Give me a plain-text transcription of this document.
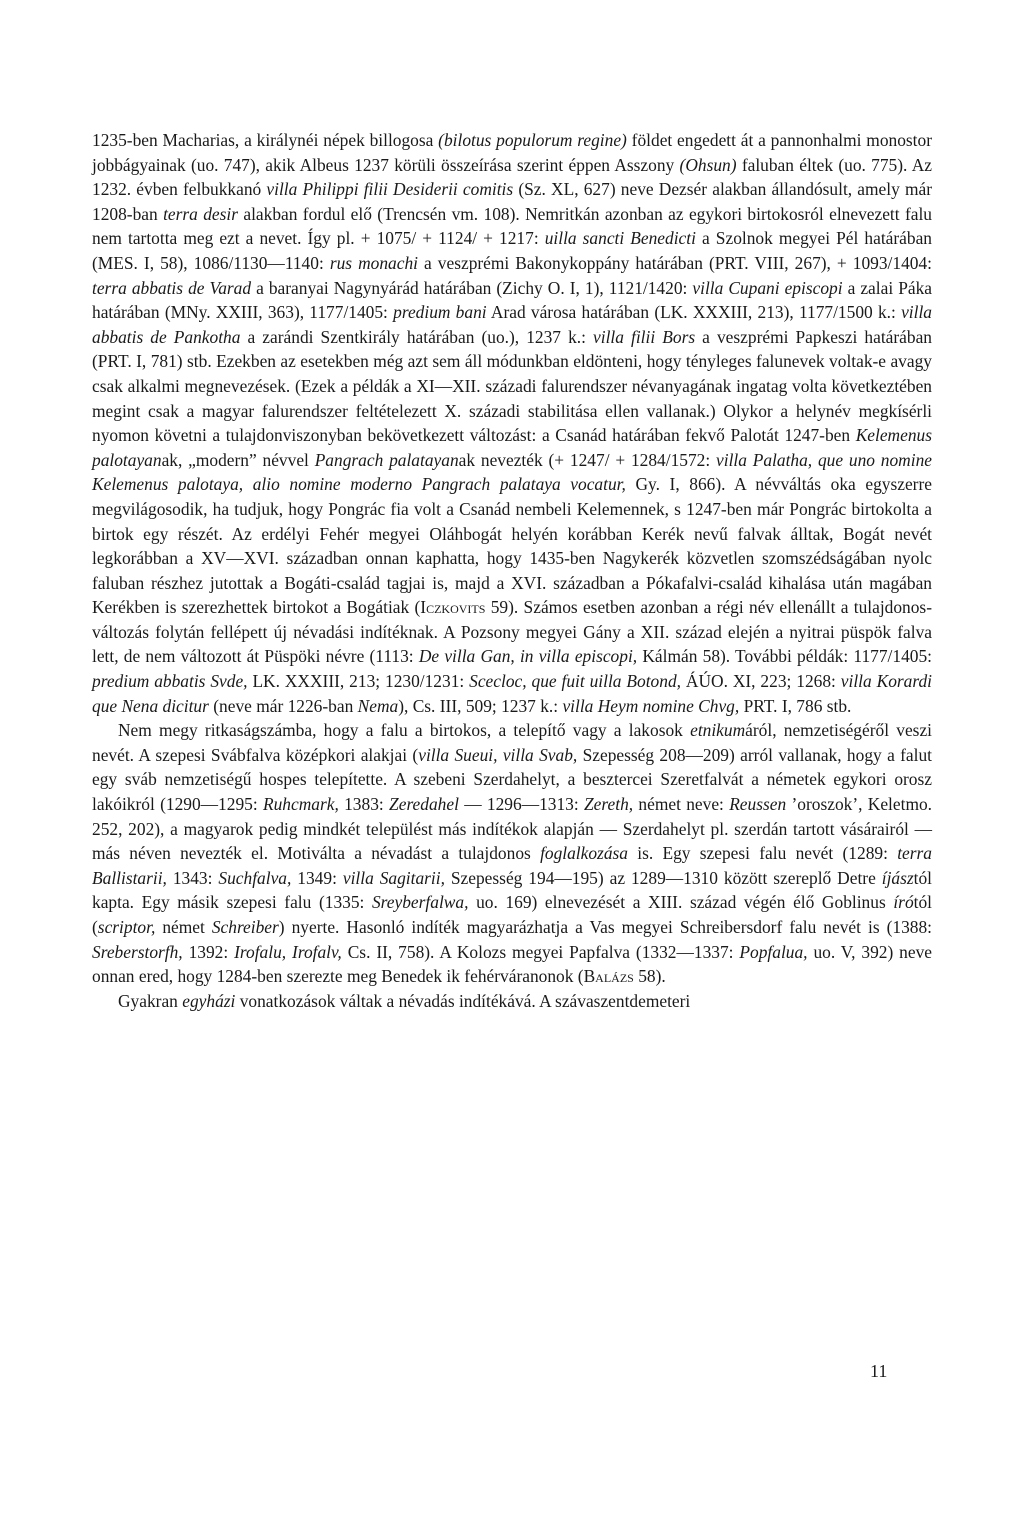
1235-ben Macharias, a királynéi népek billogosa (bilotus populorum regine) földet engedett át a pannonhalmi monostor jobbágyainak (uo. 747), akik Albeus 1237 körüli összeírása szerint éppen Asszony (Ohsun) faluban éltek (uo. 775). Az 1232. évben felbukkanó villa Philippi filii Desiderii comitis (Sz. XL, 627) neve Dezsér alakban állandósult, amely már 1208-ban terra desir alakban fordul elő (Trencsén vm. 108). Nemritkán azonban az egykori birtokosról elnevezett falu nem tartotta meg ezt a nevet. Így pl. + 1075/ + 1124/ + 1217: uilla sancti Benedicti a Szolnok megyei Pél határában (MES. I, 58), 1086/1130—1140: rus monachi a veszprémi Bakonykoppány határában (PRT. VIII, 267), + 1093/1404: terra abbatis de Varad a baranyai Nagynyárád határában (Zichy O. I, 1), 1121/1420: villa Cupani episcopi a zalai Páka határában (MNy. XXIII, 363), 1177/1405: predium bani Arad városa határában (LK. XXXIII, 213), 1177/1500 k.: villa abbatis de Pankotha a zarándi Szentkirály határában (uo.), 1237 k.: villa filii Bors a veszprémi Papkeszi határában (PRT. I, 781) stb. Ezekben az esetekben még azt sem áll módunkban eldönteni, hogy tényleges falunevek voltak-e avagy csak alkalmi megnevezések. (Ezek a példák a XI—XII. századi falurendszer névanyagának ingatag volta következtében megint csak a magyar falurendszer feltételezett X. századi stabilitása ellen vallanak.) Olykor a helynév megkísérli nyomon követni a tulajdonviszonyban bekövetkezett változást: a Csanád határában fekvő Palotát 1247-ben Kelemenus palotayanak, „modern” névvel Pangrach palatayanak nevezték (+ 1247/ + 1284/1572: villa Palatha, que uno nomine Kelemenus palotaya, alio nomine moderno Pangrach palataya vocatur, Gy. I, 866). A névváltás oka egyszerre megvilágosodik, ha tudjuk, hogy Pongrác fia volt a Csanád nembeli Kelemennek, s 1247-ben már Pongrác birtokolta a birtok egy részét. Az erdélyi Fehér megyei Oláhbogát helyén korábban Kerék nevű falvak álltak, Bogát nevét legkorábban a XV—XVI. században onnan kaphatta, hogy 1435-ben Nagykerék közvetlen szomszédságában nyolc faluban részhez jutottak a Bogáti-család tagjai is, majd a XVI. században a Pókafalvi-család kihalása után magában Kerékben is szerezhettek birtokot a Bogátiak (Iczkovits 59). Számos esetben azonban a régi név ellenállt a tulajdonos-változás folytán fellépett új névadási indítéknak. A Pozsony megyei Gány a XII. század elején a nyitrai püspök falva lett, de nem változott át Püspöki névre (1113: De villa Gan, in villa episcopi, Kálmán 58). További példák: 1177/1405: predium abbatis Svde, LK. XXXIII, 213; 1230/1231: Scecloc, que fuit uilla Botond, ÁÚO. XI, 223; 1268: villa Korardi que Nena dicitur (neve már 1226-ban Nema), Cs. III, 509; 1237 k.: villa Heym nomine Chvg, PRT. I, 786 stb.

Nem megy ritkaságszámba, hogy a falu a birtokos, a telepítő vagy a lakosok etnikumáról, nemzetiségéről veszi nevét. A szepesi Svábfalva középkori alakjai (villa Sueui, villa Svab, Szepesség 208—209) arról vallanak, hogy a falut egy sváb nemzetiségű hospes telepítette. A szebeni Szerdahelyt, a besztercei Szeretfalvát a németek egykori orosz lakóikról (1290—1295: Ruhcmark, 1383: Zeredahel — 1296—1313: Zereth, német neve: Reussen ’oroszok’, Keletmo. 252, 202), a magyarok pedig mindkét települést más indítékok alapján — Szerdahelyt pl. szerdán tartott vásárairól — más néven nevezték el. Motiválta a névadást a tulajdonos foglalkozása is. Egy szepesi falu nevét (1289: terra Ballistarii, 1343: Suchfalva, 1349: villa Sagitarii, Szepesség 194—195) az 1289—1310 között szereplő Detre íjásztól kapta. Egy másik szepesi falu (1335: Sreyberfalwa, uo. 169) elnevezését a XIII. század végén élő Goblinus írótól (scriptor, német Schreiber) nyerte. Hasonló indíték magyarázhatja a Vas megyei Schreibersdorf falu nevét is (1388: Sreberstorfh, 1392: Irofalu, Irofalv, Cs. II, 758). A Kolozs megyei Papfalva (1332—1337: Popfalua, uo. V, 392) neve onnan ered, hogy 1284-ben szerezte meg Benedek ik fehérváranonok (Balázs 58).

Gyakran egyházi vonatkozások váltak a névadás indítékává. A szávaszentdemeteri

11
